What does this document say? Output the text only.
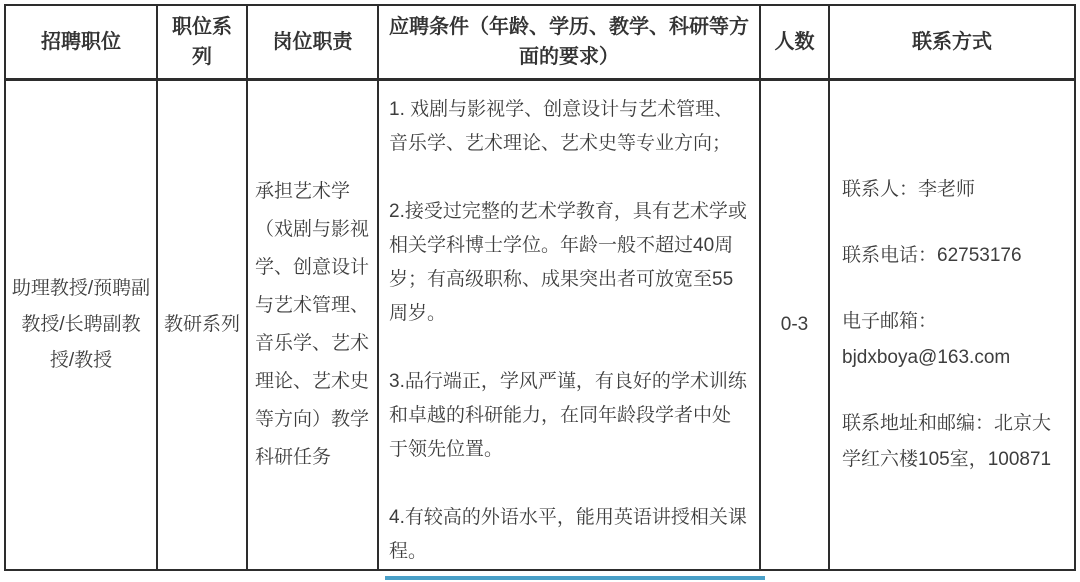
招聘职位
职位系列
岗位职责
应聘条件（年龄、学历、教学、科研等方面的要求）
人数	联系方式
助理教授/预聘副教授/长聘副教授/教授
教研系列
承担艺术学（戏剧与影视学、创意设计与艺术管理、音乐学、艺术理论、艺术史等方向）教学科研任务

1. 戏剧与影视学、创意设计与艺术管理、音乐学、艺术理论、艺术史等专业方向；

2.接受过完整的艺术学教育，具有艺术学或相关学科博士学位。年龄一般不超过40周岁；有高级职称、成果突出者可放宽至55周岁。

3.品行端正，学风严谨，有良好的学术训练和卓越的科研能力，在同年龄段学者中处于领先位置。

4.有较高的外语水平，能用英语讲授相关课程。

0-3

联系人：李老师

联系电话：62753176

电子邮箱：bjdxboya@163.com

联系地址和邮编：北京大学红六楼105室，100871
